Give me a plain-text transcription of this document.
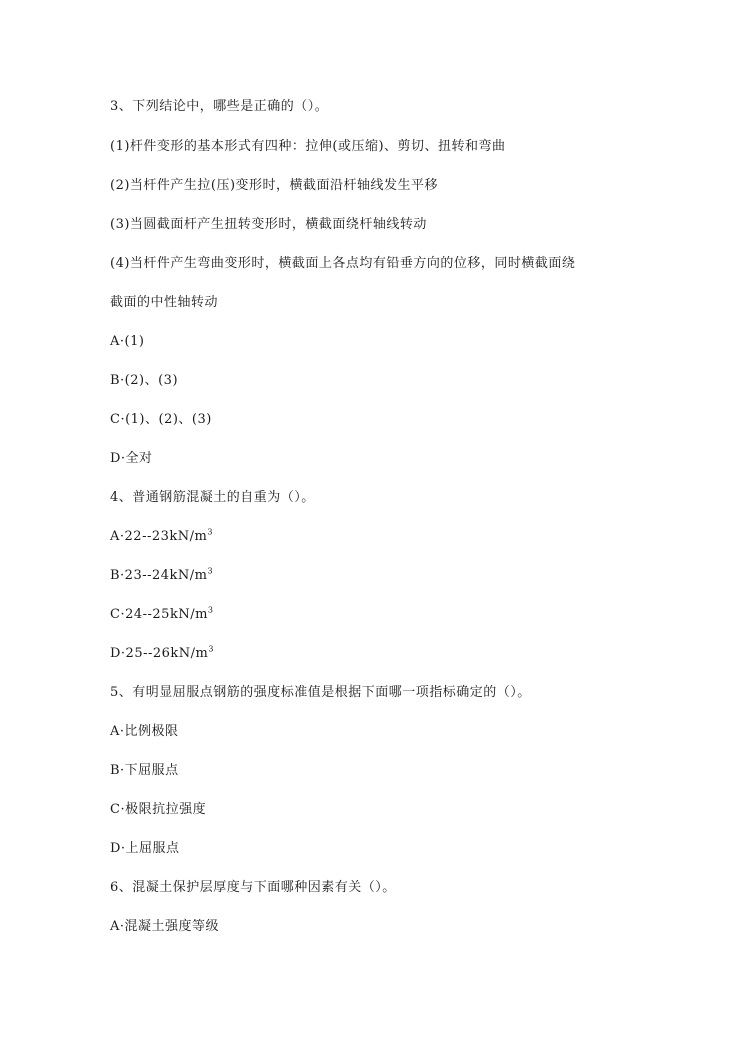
3、下列结论中，哪些是正确的（）。
(1)杆件变形的基本形式有四种：拉伸(或压缩)、剪切、扭转和弯曲
(2)当杆件产生拉(压)变形时，横截面沿杆轴线发生平移
(3)当圆截面杆产生扭转变形时，横截面绕杆轴线转动
(4)当杆件产生弯曲变形时，横截面上各点均有铅垂方向的位移，同时横截面绕
截面的中性轴转动
A·(1)
B·(2)、(3)
C·(1)、(2)、(3)
D·全对
4、普通钢筋混凝土的自重为（）。
$A\cdot 22--23kN/m^3$
$B\cdot 23--24kN/m^3$
$C\cdot 24--25kN/m^3$
$D\cdot 25--26kN/m^3$
5、有明显屈服点钢筋的强度标准值是根据下面哪一项指标确定的（）。
A·比例极限
B·下屈服点
C·极限抗拉强度
D·上屈服点
6、混凝土保护层厚度与下面哪种因素有关（）。
A·混凝土强度等级
